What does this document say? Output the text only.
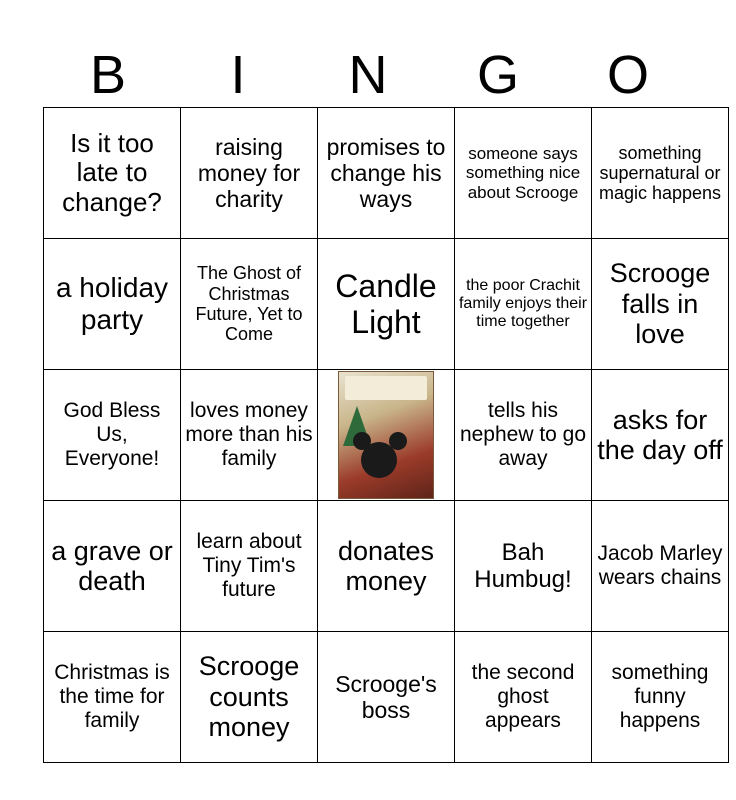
B	I	N	G	O
Is it too late to change?	raising money for charity	promises to change his ways	someone says something nice about Scrooge	something supernatural or magic happens
a holiday party	The Ghost of Christmas Future, Yet to Come	Candle Light	the poor Crachit family enjoys their time together	Scrooge falls in love
God Bless Us, Everyone!	loves money more than his family		tells his nephew to go away	asks for the day off
a grave or death	learn about Tiny Tim's future	donates money	Bah Humbug!	Jacob Marley wears chains
Christmas is the time for family	Scrooge counts money	Scrooge's boss	the second ghost appears	something funny happens
